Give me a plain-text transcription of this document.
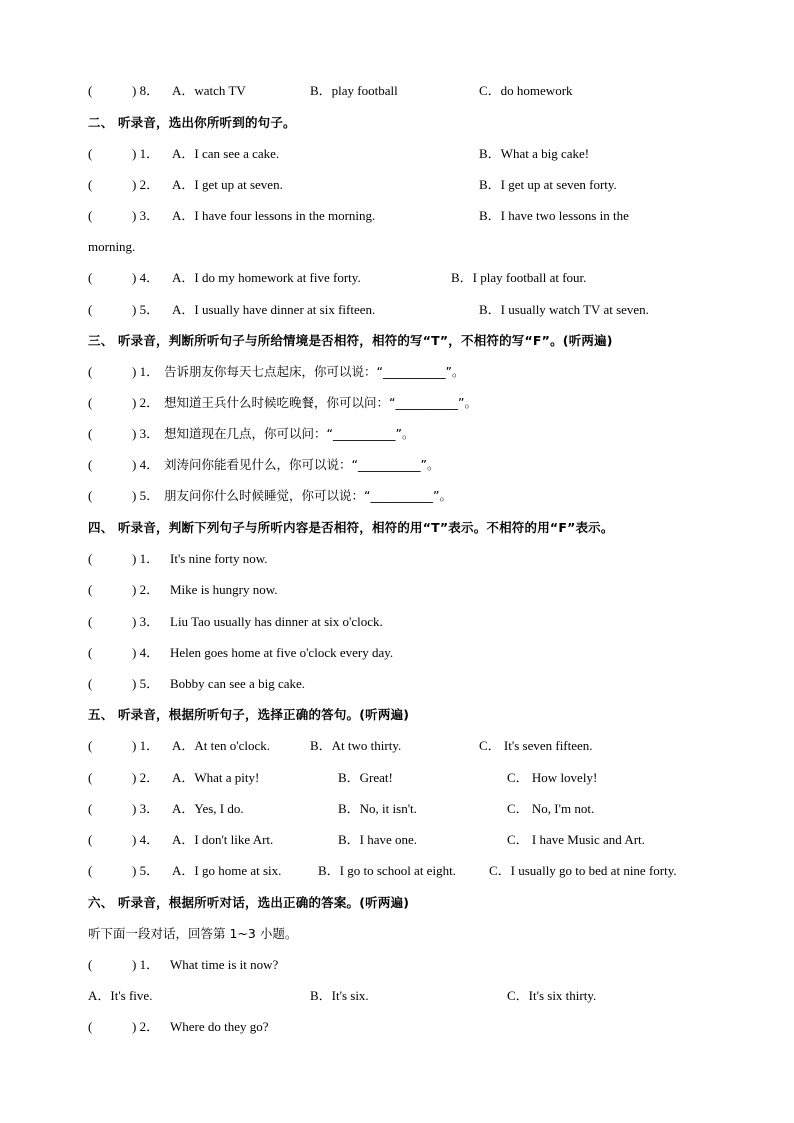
(	) 8． A．watch TV	B．play football	C．do homework
二、 听录音，选出你所听到的句子。
(	) 1． A．I can see a cake.	B．What a big cake!
(	) 2． A．I get up at seven.	B．I get up at seven forty.
(	) 3． A．I have four lessons in the morning.	B．I have two lessons in the
morning.
(	) 4． A．I do my homework at five forty.	B．I play football at four.
(	) 5． A．I usually have dinner at six fifteen.	B．I usually watch TV at seven.
三、 听录音，判断所听句子与所给情境是否相符，相符的写“T”，不相符的写“F”。(听两遍)
(	) 1． 告诉朋友你每天七点起床，你可以说：“__________”。
(	) 2． 想知道王兵什么时候吃晚餐，你可以问：“__________”。
(	) 3． 想知道现在几点，你可以问：“__________”。
(	) 4． 刘涛问你能看见什么，你可以说：“__________”。
(	) 5． 朋友问你什么时候睡觉，你可以说：“__________”。
四、 听录音，判断下列句子与所听内容是否相符，相符的用“T”表示。不相符的用“F”表示。
(	) 1． It's nine forty now.
(	) 2． Mike is hungry now.
(	) 3． Liu Tao usually has dinner at six o'clock.
(	) 4． Helen goes home at five o'clock every day.
(	) 5． Bobby can see a big cake.
五、 听录音，根据所听句子，选择正确的答句。(听两遍)
(	) 1． A．At ten o'clock.	B．At two thirty.	C． It's seven fifteen.
(	) 2． A．What a pity!	B．Great!	C． How lovely!
(	) 3． A．Yes, I do.	B．No, it isn't.	C． No, I'm not.
(	) 4． A．I don't like Art.	B．I have one.	C． I have Music and Art.
(	) 5． A．I go home at six.	B．I go to school at eight.	C．I usually go to bed at nine forty.
六、 听录音，根据所听对话，选出正确的答案。(听两遍)
听下面一段对话，回答第 1~3 小题。
(	) 1． What time is it now?
A．It's five.	B．It's six.	C．It's six thirty.
(	) 2． Where do they go?
